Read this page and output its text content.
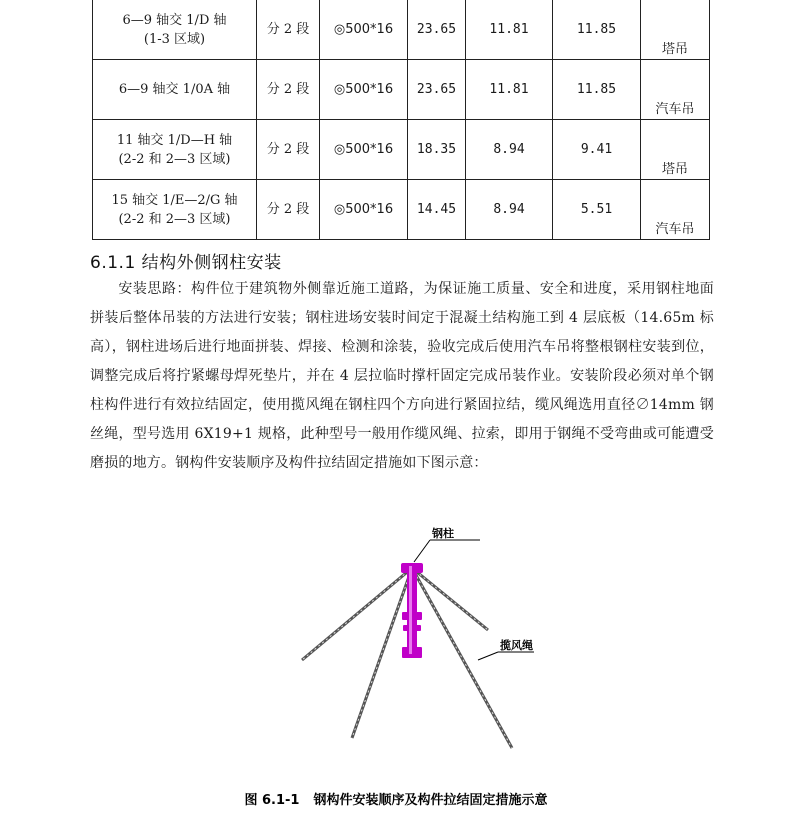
6—9 轴交 1/D 轴
(1-3 区域)	分 2 段	◎500*16	23.65	11.81	11.85	塔吊

6—9 轴交 1/0A 轴	分 2 段	◎500*16	23.65	11.81	11.85	汽车吊

11 轴交 1/D—H 轴
(2-2 和 2—3 区域)	分 2 段	◎500*16	18.35	8.94	9.41	塔吊

15 轴交 1/E—2/G 轴
(2-2 和 2—3 区域)	分 2 段	◎500*16	14.45	8.94	5.51	汽车吊
6.1.1 结构外侧钢柱安装
安装思路：构件位于建筑物外侧靠近施工道路，为保证施工质量、安全和进度，采用钢柱地面拼装后整体吊装的方法进行安装；钢柱进场安装时间定于混凝土结构施工到 4 层底板（14.65m 标高），钢柱进场后进行地面拼装、焊接、检测和涂装，验收完成后使用汽车吊将整根钢柱安装到位，调整完成后将拧紧螺母焊死垫片，并在 4 层拉临时撑杆固定完成吊装作业。安装阶段必须对单个钢柱构件进行有效拉结固定，使用揽风绳在钢柱四个方向进行紧固拉结，缆风绳选用直径∅14mm 钢丝绳，型号选用 6X19+1 规格，此种型号一般用作缆风绳、拉索，即用于钢绳不受弯曲或可能遭受磨损的地方。钢构件安装顺序及构件拉结固定措施如下图示意：
钢柱
揽风绳
图 6.1-1 钢构件安装顺序及构件拉结固定措施示意
